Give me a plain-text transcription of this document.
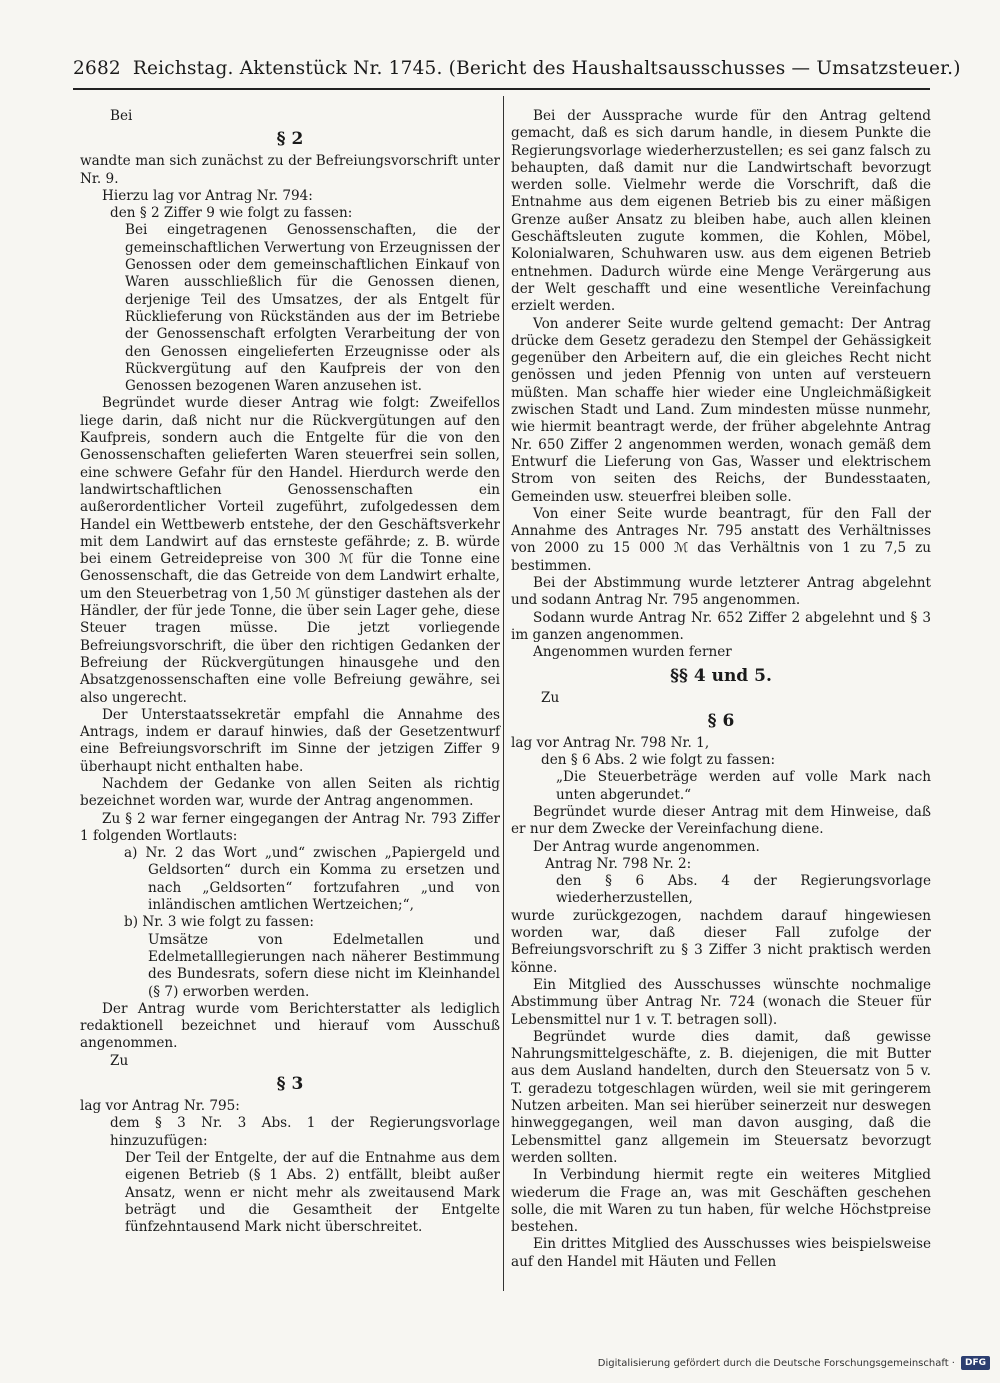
2682 Reichstag. Aktenstück Nr. 1745. (Bericht des Haushaltsausschusses — Umsatzsteuer.)

Bei

§ 2

wandte man sich zunächst zu der Befreiungsvorschrift unter Nr. 9.

Hierzu lag vor Antrag Nr. 794:

den § 2 Ziffer 9 wie folgt zu fassen:

Bei eingetragenen Genossenschaften, die der gemeinschaftlichen Verwertung von Erzeugnissen der Genossen oder dem gemeinschaftlichen Einkauf von Waren ausschließlich für die Genossen dienen, derjenige Teil des Umsatzes, der als Entgelt für Rücklieferung von Rückständen aus der im Betriebe der Genossenschaft erfolgten Verarbeitung der von den Genossen eingelieferten Erzeugnisse oder als Rückvergütung auf den Kaufpreis der von den Genossen bezogenen Waren anzusehen ist.

Begründet wurde dieser Antrag wie folgt: Zweifellos liege darin, daß nicht nur die Rückvergütungen auf den Kaufpreis, sondern auch die Entgelte für die von den Genossenschaften gelieferten Waren steuerfrei sein sollen, eine schwere Gefahr für den Handel. Hierdurch werde den landwirtschaftlichen Genossenschaften ein außerordentlicher Vorteil zugeführt, zufolgedessen dem Handel ein Wettbewerb entstehe, der den Geschäftsverkehr mit dem Landwirt auf das ernsteste gefährde; z. B. würde bei einem Getreidepreise von 300 ℳ für die Tonne eine Genossenschaft, die das Getreide von dem Landwirt erhalte, um den Steuerbetrag von 1,50 ℳ günstiger dastehen als der Händler, der für jede Tonne, die über sein Lager gehe, diese Steuer tragen müsse. Die jetzt vorliegende Befreiungsvorschrift, die über den richtigen Gedanken der Befreiung der Rückvergütungen hinausgehe und den Absatzgenossenschaften eine volle Befreiung gewähre, sei also ungerecht.

Der Unterstaatssekretär empfahl die Annahme des Antrags, indem er darauf hinwies, daß der Gesetzentwurf eine Befreiungsvorschrift im Sinne der jetzigen Ziffer 9 überhaupt nicht enthalten habe.

Nachdem der Gedanke von allen Seiten als richtig bezeichnet worden war, wurde der Antrag angenommen.

Zu § 2 war ferner eingegangen der Antrag Nr. 793 Ziffer 1 folgenden Wortlauts:

a) Nr. 2 das Wort „und“ zwischen „Papiergeld und Geldsorten“ durch ein Komma zu ersetzen und nach „Geldsorten“ fortzufahren „und von inländischen amtlichen Wertzeichen;“,

b) Nr. 3 wie folgt zu fassen:

Umsätze von Edelmetallen und Edelmetalllegierungen nach näherer Bestimmung des Bundesrats, sofern diese nicht im Kleinhandel (§ 7) erworben werden.

Der Antrag wurde vom Berichterstatter als lediglich redaktionell bezeichnet und hierauf vom Ausschuß angenommen.

Zu

§ 3

lag vor Antrag Nr. 795:

dem § 3 Nr. 3 Abs. 1 der Regierungsvorlage hinzuzufügen:

Der Teil der Entgelte, der auf die Entnahme aus dem eigenen Betrieb (§ 1 Abs. 2) entfällt, bleibt außer Ansatz, wenn er nicht mehr als zweitausend Mark beträgt und die Gesamtheit der Entgelte fünfzehntausend Mark nicht überschreitet.

Bei der Aussprache wurde für den Antrag geltend gemacht, daß es sich darum handle, in diesem Punkte die Regierungsvorlage wiederherzustellen; es sei ganz falsch zu behaupten, daß damit nur die Landwirtschaft bevorzugt werden solle. Vielmehr werde die Vorschrift, daß die Entnahme aus dem eigenen Betrieb bis zu einer mäßigen Grenze außer Ansatz zu bleiben habe, auch allen kleinen Geschäftsleuten zugute kommen, die Kohlen, Möbel, Kolonialwaren, Schuhwaren usw. aus dem eigenen Betrieb entnehmen. Dadurch würde eine Menge Verärgerung aus der Welt geschafft und eine wesentliche Vereinfachung erzielt werden.

Von anderer Seite wurde geltend gemacht: Der Antrag drücke dem Gesetz geradezu den Stempel der Gehässigkeit gegenüber den Arbeitern auf, die ein gleiches Recht nicht genössen und jeden Pfennig von unten auf versteuern müßten. Man schaffe hier wieder eine Ungleichmäßigkeit zwischen Stadt und Land. Zum mindesten müsse nunmehr, wie hiermit beantragt werde, der früher abgelehnte Antrag Nr. 650 Ziffer 2 angenommen werden, wonach gemäß dem Entwurf die Lieferung von Gas, Wasser und elektrischem Strom von seiten des Reichs, der Bundesstaaten, Gemeinden usw. steuerfrei bleiben solle.

Von einer Seite wurde beantragt, für den Fall der Annahme des Antrages Nr. 795 anstatt des Verhältnisses von 2000 zu 15 000 ℳ das Verhältnis von 1 zu 7,5 zu bestimmen.

Bei der Abstimmung wurde letzterer Antrag abgelehnt und sodann Antrag Nr. 795 angenommen.

Sodann wurde Antrag Nr. 652 Ziffer 2 abgelehnt und § 3 im ganzen angenommen.

Angenommen wurden ferner

§§ 4 und 5.

Zu

§ 6

lag vor Antrag Nr. 798 Nr. 1,

den § 6 Abs. 2 wie folgt zu fassen:

„Die Steuerbeträge werden auf volle Mark nach unten abgerundet.“

Begründet wurde dieser Antrag mit dem Hinweise, daß er nur dem Zwecke der Vereinfachung diene.

Der Antrag wurde angenommen.

Antrag Nr. 798 Nr. 2:

den § 6 Abs. 4 der Regierungsvorlage wiederherzustellen,

wurde zurückgezogen, nachdem darauf hingewiesen worden war, daß dieser Fall zufolge der Befreiungsvorschrift zu § 3 Ziffer 3 nicht praktisch werden könne.

Ein Mitglied des Ausschusses wünschte nochmalige Abstimmung über Antrag Nr. 724 (wonach die Steuer für Lebensmittel nur 1 v. T. betragen soll).

Begründet wurde dies damit, daß gewisse Nahrungsmittelgeschäfte, z. B. diejenigen, die mit Butter aus dem Ausland handelten, durch den Steuersatz von 5 v. T. geradezu totgeschlagen würden, weil sie mit geringerem Nutzen arbeiten. Man sei hierüber seinerzeit nur deswegen hinweggegangen, weil man davon ausging, daß die Lebensmittel ganz allgemein im Steuersatz bevorzugt werden sollten.

In Verbindung hiermit regte ein weiteres Mitglied wiederum die Frage an, was mit Geschäften geschehen solle, die mit Waren zu tun haben, für welche Höchstpreise bestehen.

Ein drittes Mitglied des Ausschusses wies beispielsweise auf den Handel mit Häuten und Fellen

Digitalisierung gefördert durch die Deutsche Forschungsgemeinschaft ·	DFG
